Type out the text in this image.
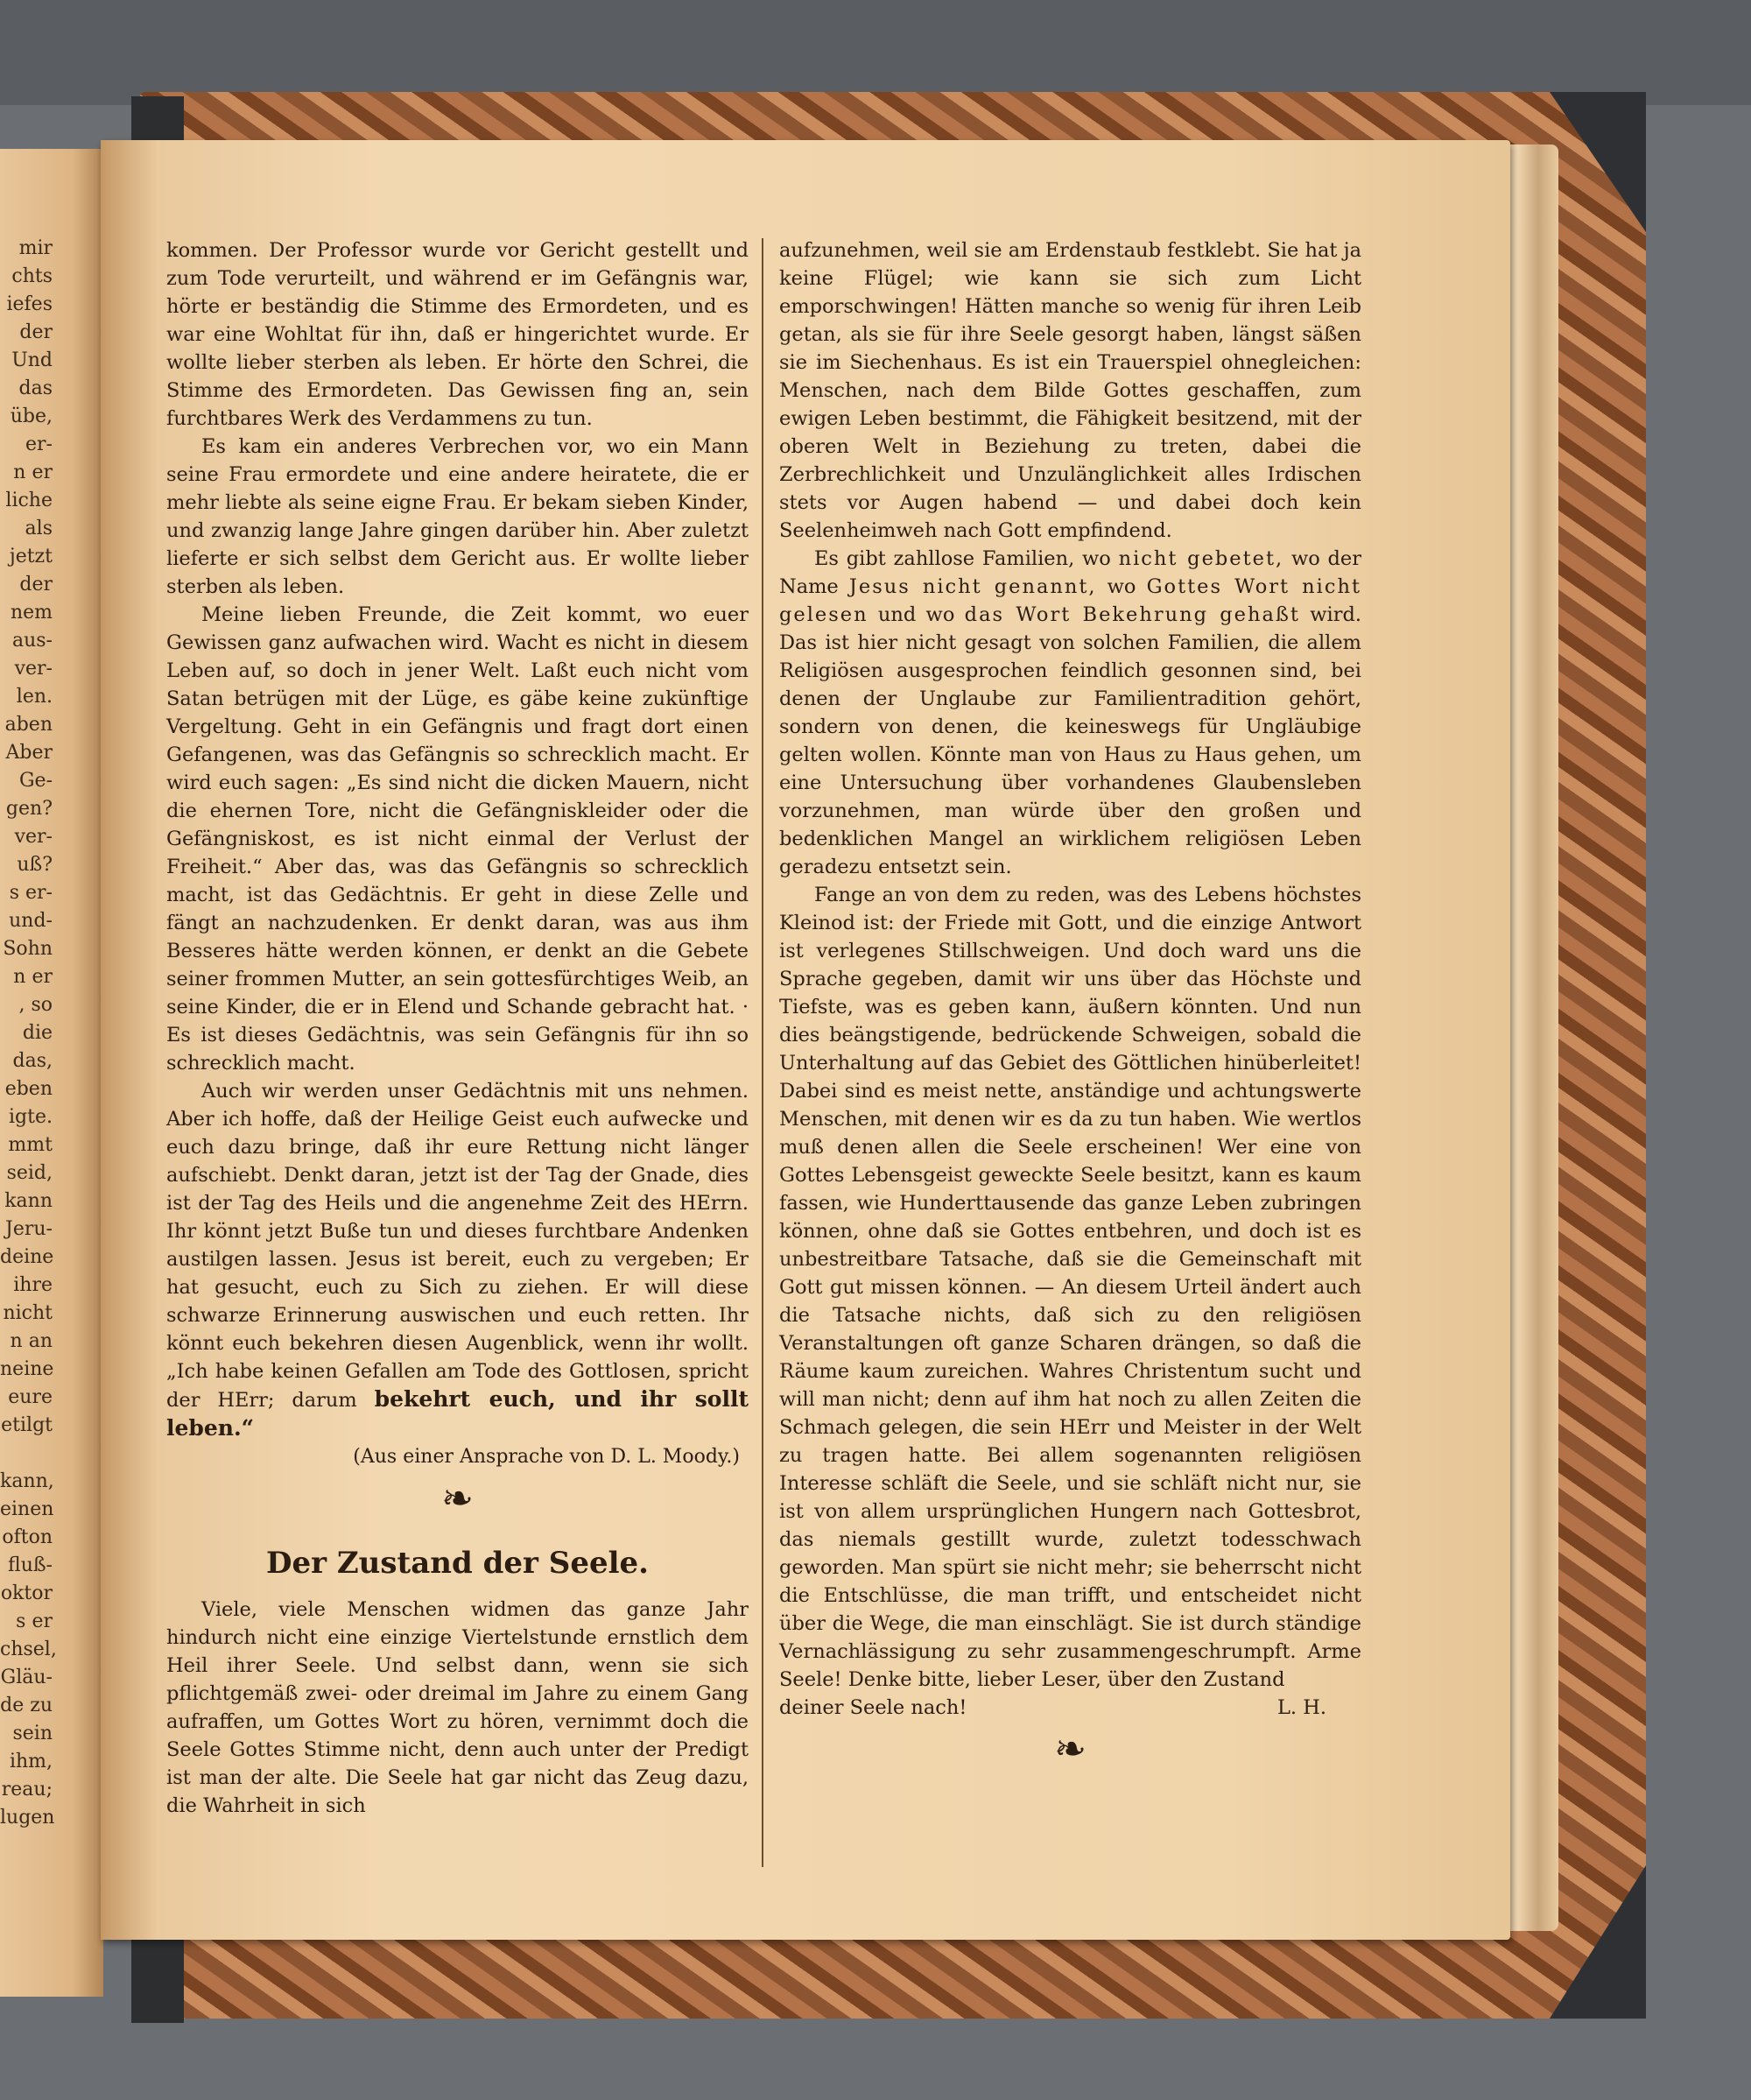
mir
chts
iefes
der
Und
das
übe,
er-
n er
liche
als
jetzt
der
nem
aus-
ver-
len.
aben
Aber
Ge-
gen?
ver-
uß?
s er-
und-
Sohn
n er
, so
die
das,
eben
igte.
mmt
seid,
kann
Jeru-
deine
ihre
nicht
n an
neine
eure
etilgt

kann,
einen
ofton
fluß-
oktor
s er
chsel,
Gläu-
de zu
sein
ihm,
reau;
lugen

kommen. Der Professor wurde vor Gericht gestellt und zum Tode verurteilt, und während er im Gefängnis war, hörte er beständig die Stimme des Ermordeten, und es war eine Wohltat für ihn, daß er hingerichtet wurde. Er wollte lieber sterben als leben. Er hörte den Schrei, die Stimme des Ermordeten. Das Gewissen fing an, sein furchtbares Werk des Verdammens zu tun.

Es kam ein anderes Verbrechen vor, wo ein Mann seine Frau ermordete und eine andere heiratete, die er mehr liebte als seine eigne Frau. Er bekam sieben Kinder, und zwanzig lange Jahre gingen darüber hin. Aber zuletzt lieferte er sich selbst dem Gericht aus. Er wollte lieber sterben als leben.

Meine lieben Freunde, die Zeit kommt, wo euer Gewissen ganz aufwachen wird. Wacht es nicht in diesem Leben auf, so doch in jener Welt. Laßt euch nicht vom Satan betrügen mit der Lüge, es gäbe keine zukünftige Vergeltung. Geht in ein Gefängnis und fragt dort einen Gefangenen, was das Gefängnis so schrecklich macht. Er wird euch sagen: „Es sind nicht die dicken Mauern, nicht die ehernen Tore, nicht die Gefängniskleider oder die Gefängniskost, es ist nicht einmal der Verlust der Freiheit.“ Aber das, was das Gefängnis so schrecklich macht, ist das Gedächtnis. Er geht in diese Zelle und fängt an nachzudenken. Er denkt daran, was aus ihm Besseres hätte werden können, er denkt an die Gebete seiner frommen Mutter, an sein gottesfürchtiges Weib, an seine Kinder, die er in Elend und Schande gebracht hat. · Es ist dieses Gedächtnis, was sein Gefängnis für ihn so schrecklich macht.

Auch wir werden unser Gedächtnis mit uns nehmen. Aber ich hoffe, daß der Heilige Geist euch aufwecke und euch dazu bringe, daß ihr eure Rettung nicht länger aufschiebt. Denkt daran, jetzt ist der Tag der Gnade, dies ist der Tag des Heils und die angenehme Zeit des HErrn. Ihr könnt jetzt Buße tun und dieses furchtbare Andenken austilgen lassen. Jesus ist bereit, euch zu vergeben; Er hat gesucht, euch zu Sich zu ziehen. Er will diese schwarze Erinnerung auswischen und euch retten. Ihr könnt euch bekehren diesen Augenblick, wenn ihr wollt. „Ich habe keinen Gefallen am Tode des Gottlosen, spricht der HErr; darum bekehrt euch, und ihr sollt leben.“

(Aus einer Ansprache von D. L. Moody.)

❧
Der Zustand der Seele.

Viele, viele Menschen widmen das ganze Jahr hindurch nicht eine einzige Viertelstunde ernstlich dem Heil ihrer Seele. Und selbst dann, wenn sie sich pflichtgemäß zwei- oder dreimal im Jahre zu einem Gang aufraffen, um Gottes Wort zu hören, vernimmt doch die Seele Gottes Stimme nicht, denn auch unter der Predigt ist man der alte. Die Seele hat gar nicht das Zeug dazu, die Wahrheit in sich

aufzunehmen, weil sie am Erdenstaub festklebt. Sie hat ja keine Flügel; wie kann sie sich zum Licht emporschwingen! Hätten manche so wenig für ihren Leib getan, als sie für ihre Seele gesorgt haben, längst säßen sie im Siechenhaus. Es ist ein Trauerspiel ohnegleichen: Menschen, nach dem Bilde Gottes geschaffen, zum ewigen Leben bestimmt, die Fähigkeit besitzend, mit der oberen Welt in Beziehung zu treten, dabei die Zerbrechlichkeit und Unzulänglichkeit alles Irdischen stets vor Augen habend — und dabei doch kein Seelenheimweh nach Gott empfindend.

Es gibt zahllose Familien, wo nicht gebetet, wo der Name Jesus nicht genannt, wo Gottes Wort nicht gelesen und wo das Wort Bekehrung gehaßt wird. Das ist hier nicht gesagt von solchen Familien, die allem Religiösen ausgesprochen feindlich gesonnen sind, bei denen der Unglaube zur Familientradition gehört, sondern von denen, die keineswegs für Ungläubige gelten wollen. Könnte man von Haus zu Haus gehen, um eine Untersuchung über vorhandenes Glaubensleben vorzunehmen, man würde über den großen und bedenklichen Mangel an wirklichem religiösen Leben geradezu entsetzt sein.

Fange an von dem zu reden, was des Lebens höchstes Kleinod ist: der Friede mit Gott, und die einzige Antwort ist verlegenes Stillschweigen. Und doch ward uns die Sprache gegeben, damit wir uns über das Höchste und Tiefste, was es geben kann, äußern könnten. Und nun dies beängstigende, bedrückende Schweigen, sobald die Unterhaltung auf das Gebiet des Göttlichen hinüberleitet! Dabei sind es meist nette, anständige und achtungswerte Menschen, mit denen wir es da zu tun haben. Wie wertlos muß denen allen die Seele erscheinen! Wer eine von Gottes Lebensgeist geweckte Seele besitzt, kann es kaum fassen, wie Hunderttausende das ganze Leben zubringen können, ohne daß sie Gottes entbehren, und doch ist es unbestreitbare Tatsache, daß sie die Gemeinschaft mit Gott gut missen können. — An diesem Urteil ändert auch die Tatsache nichts, daß sich zu den religiösen Veranstaltungen oft ganze Scharen drängen, so daß die Räume kaum zureichen. Wahres Christentum sucht und will man nicht; denn auf ihm hat noch zu allen Zeiten die Schmach gelegen, die sein HErr und Meister in der Welt zu tragen hatte. Bei allem sogenannten religiösen Interesse schläft die Seele, und sie schläft nicht nur, sie ist von allem ursprünglichen Hungern nach Gottesbrot, das niemals gestillt wurde, zuletzt todesschwach geworden. Man spürt sie nicht mehr; sie beherrscht nicht die Entschlüsse, die man trifft, und entscheidet nicht über die Wege, die man einschlägt. Sie ist durch ständige Vernachlässigung zu sehr zusammengeschrumpft. Arme Seele! Denke bitte, lieber Leser, über den Zustand

deiner Seele nach!	L. H.
❧
